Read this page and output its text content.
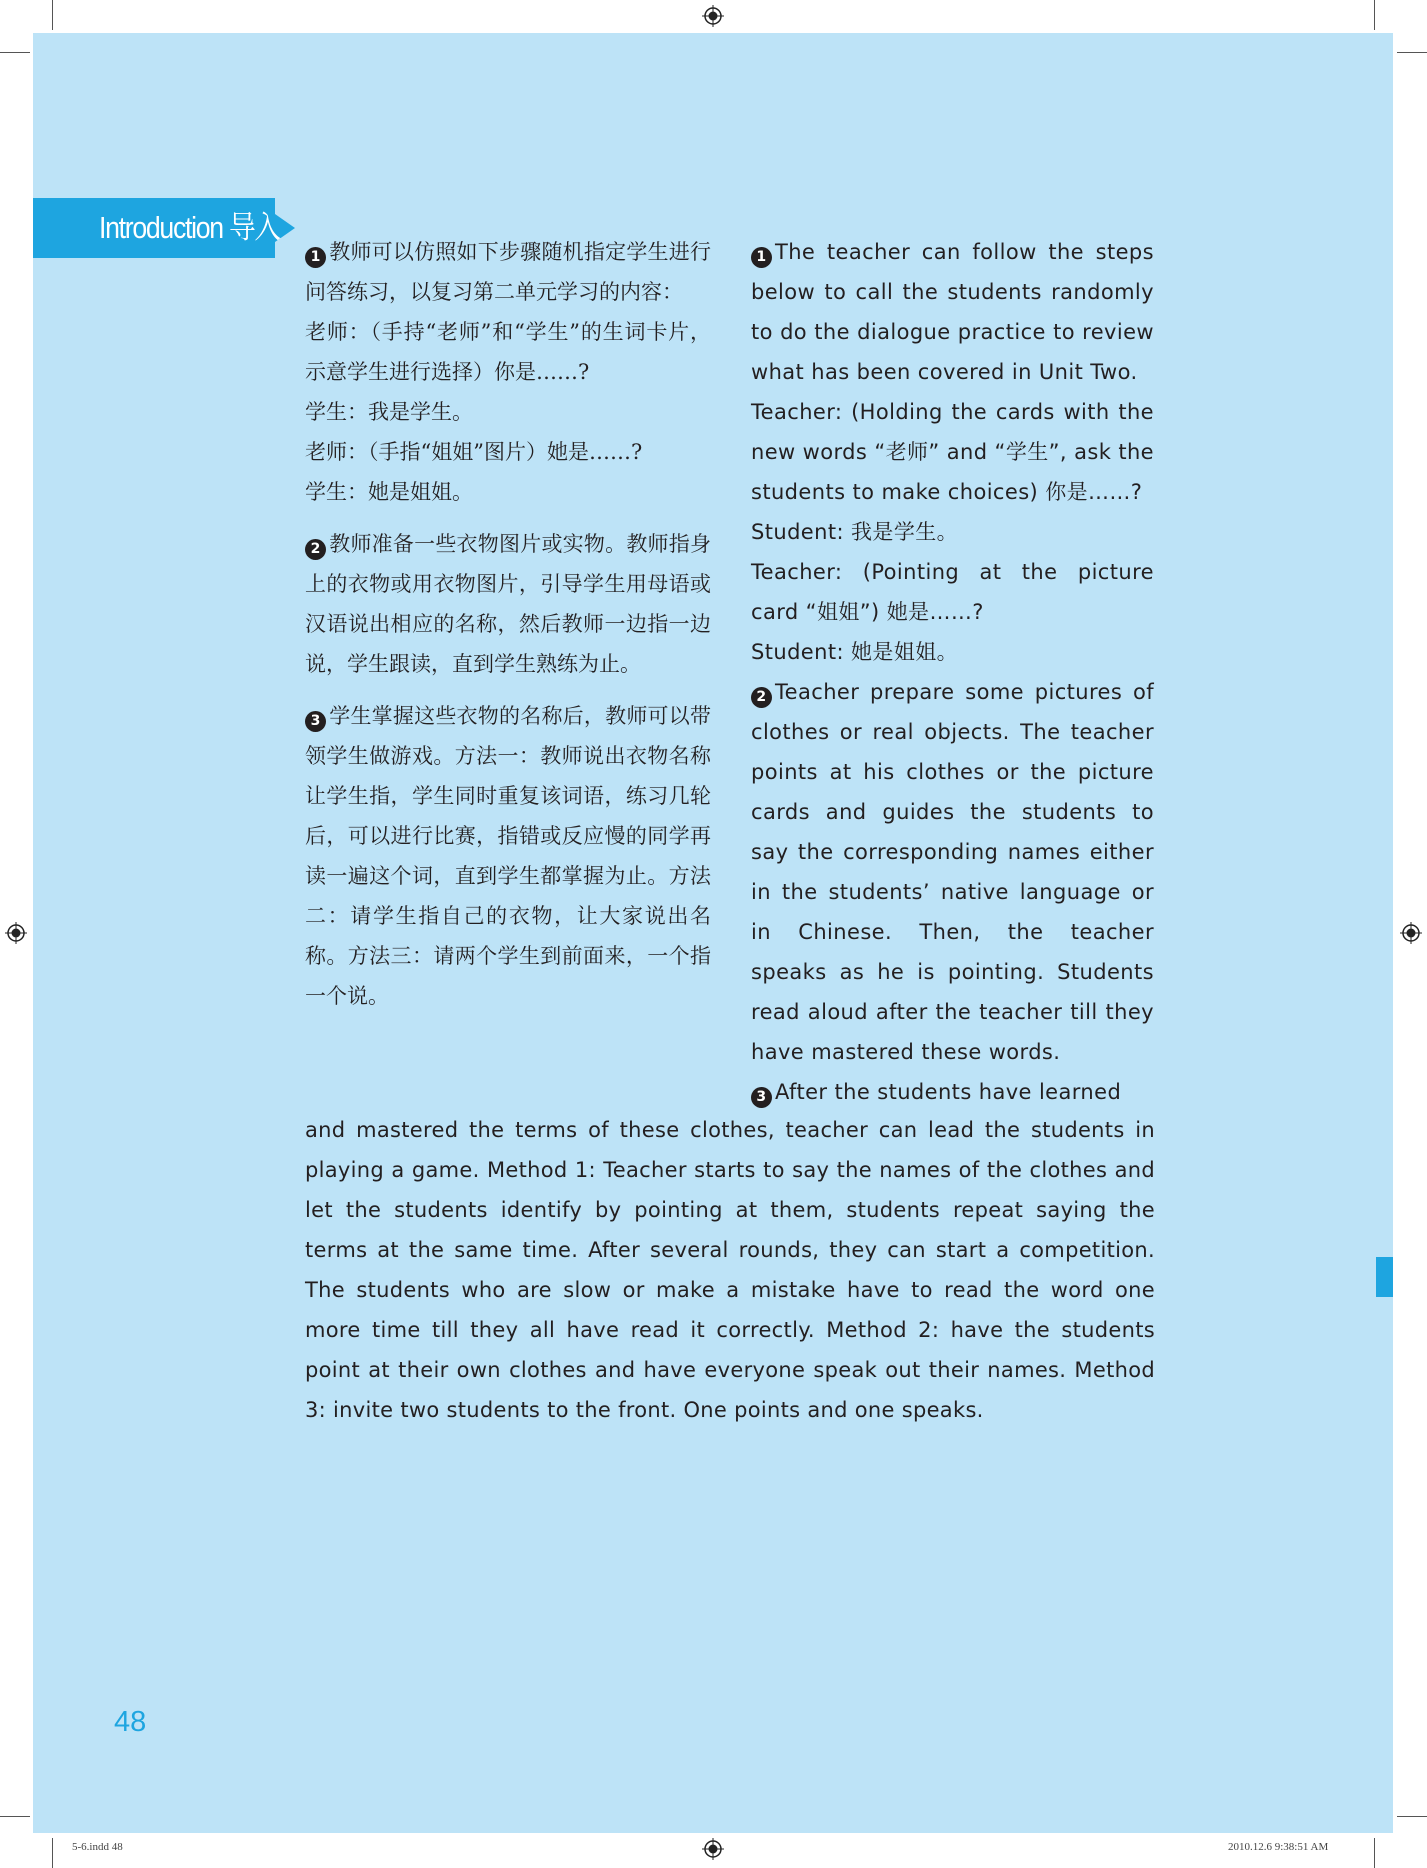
Introduction 导入

1 教师可以仿照如下步骤随机指定学生进行问答练习，以复习第二单元学习的内容：

老师：（手持“老师”和“学生”的生词卡片，示意学生进行选择）你是……?

学生：我是学生。

老师：（手指“姐姐”图片）她是……?

学生：她是姐姐。

2 教师准备一些衣物图片或实物。教师指身上的衣物或用衣物图片，引导学生用母语或汉语说出相应的名称，然后教师一边指一边说，学生跟读，直到学生熟练为止。

3 学生掌握这些衣物的名称后，教师可以带领学生做游戏。方法一：教师说出衣物名称让学生指，学生同时重复该词语，练习几轮后，可以进行比赛，指错或反应慢的同学再读一遍这个词，直到学生都掌握为止。方法二：请学生指自己的衣物，让大家说出名称。方法三：请两个学生到前面来，一个指一个说。

1 The teacher can follow the steps below to call the students randomly to do the dialogue practice to review what has been covered in Unit Two.

Teacher: (Holding the cards with the new words “老师” and “学生”, ask the students to make choices) 你是……?

Student: 我是学生。

Teacher: (Pointing at the picture card “姐姐”) 她是……?

Student: 她是姐姐。

2 Teacher prepare some pictures of clothes or real objects. The teacher points at his clothes or the picture cards and guides the students to say the corresponding names either in the students’ native language or in Chinese. Then, the teacher speaks as he is pointing. Students read aloud after the teacher till they have mastered these words.

3 After the students have learned

and mastered the terms of these clothes, teacher can lead the students in playing a game. Method 1: Teacher starts to say the names of the clothes and let the students identify by pointing at them, students repeat saying the terms at the same time. After several rounds, they can start a competition. The students who are slow or make a mistake have to read the word one more time till they all have read it correctly. Method 2: have the students point at their own clothes and have everyone speak out their names. Method 3: invite two students to the front. One points and one speaks.

48
5-6.indd 48	2010.12.6 9:38:51 AM
